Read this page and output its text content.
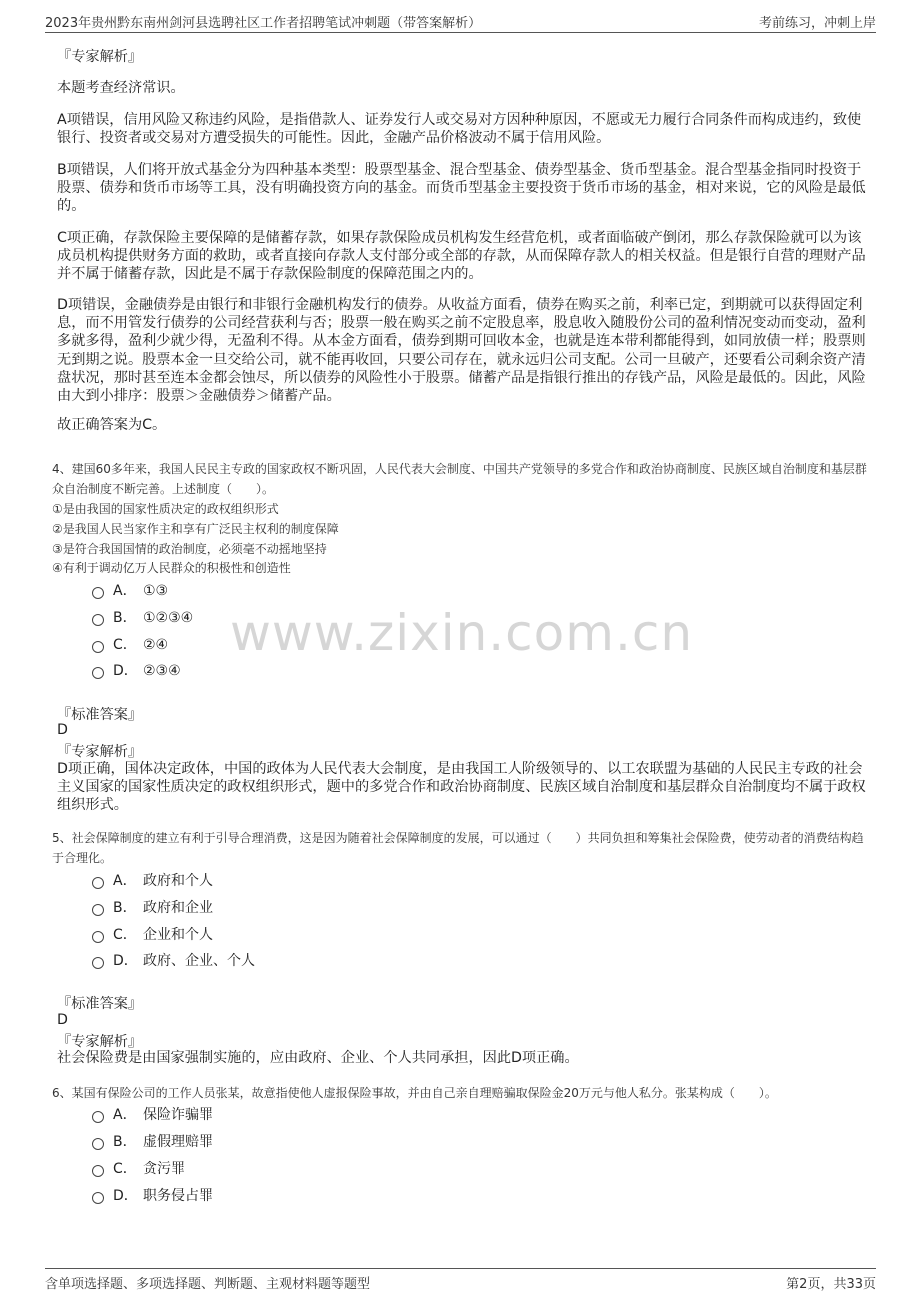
2023年贵州黔东南州剑河县选聘社区工作者招聘笔试冲刺题（带答案解析）	考前练习，冲刺上岸
www.zixin.com.cn
『专家解析』
本题考查经济常识。
A项错误，信用风险又称违约风险，是指借款人、证券发行人或交易对方因种种原因，不愿或无力履行合同条件而构成违约，致使银行、投资者或交易对方遭受损失的可能性。因此，金融产品价格波动不属于信用风险。
B项错误，人们将开放式基金分为四种基本类型：股票型基金、混合型基金、债券型基金、货币型基金。混合型基金指同时投资于股票、债券和货币市场等工具，没有明确投资方向的基金。而货币型基金主要投资于货币市场的基金，相对来说，它的风险是最低的。
C项正确，存款保险主要保障的是储蓄存款，如果存款保险成员机构发生经营危机，或者面临破产倒闭，那么存款保险就可以为该成员机构提供财务方面的救助，或者直接向存款人支付部分或全部的存款，从而保障存款人的相关权益。但是银行自营的理财产品并不属于储蓄存款，因此是不属于存款保险制度的保障范围之内的。
D项错误，金融债券是由银行和非银行金融机构发行的债券。从收益方面看，债券在购买之前，利率已定，到期就可以获得固定利息，而不用管发行债券的公司经营获利与否；股票一般在购买之前不定股息率，股息收入随股份公司的盈利情况变动而变动，盈利多就多得，盈利少就少得，无盈利不得。从本金方面看，债券到期可回收本金，也就是连本带利都能得到，如同放债一样；股票则无到期之说。股票本金一旦交给公司，就不能再收回，只要公司存在，就永远归公司支配。公司一旦破产，还要看公司剩余资产清盘状况，那时甚至连本金都会蚀尽，所以债券的风险性小于股票。储蓄产品是指银行推出的存钱产品，风险是最低的。因此，风险由大到小排序：股票＞金融债券＞储蓄产品。
故正确答案为C。
4、建国60多年来，我国人民民主专政的国家政权不断巩固，人民代表大会制度、中国共产党领导的多党合作和政治协商制度、民族区域自治制度和基层群众自治制度不断完善。上述制度（　　）。
①是由我国的国家性质决定的政权组织形式
②是我国人民当家作主和享有广泛民主权利的制度保障
③是符合我国国情的政治制度，必须毫不动摇地坚持
④有利于调动亿万人民群众的积极性和创造性
A． ①③
B． ①②③④
C． ②④
D． ②③④
『标准答案』
D
『专家解析』
D项正确，国体决定政体，中国的政体为人民代表大会制度，是由我国工人阶级领导的、以工农联盟为基础的人民民主专政的社会主义国家的国家性质决定的政权组织形式，题中的多党合作和政治协商制度、民族区域自治制度和基层群众自治制度均不属于政权组织形式。
5、社会保障制度的建立有利于引导合理消费，这是因为随着社会保障制度的发展，可以通过（　　）共同负担和筹集社会保险费，使劳动者的消费结构趋于合理化。
A． 政府和个人
B． 政府和企业
C． 企业和个人
D． 政府、企业、个人
『标准答案』
D
『专家解析』
社会保险费是由国家强制实施的，应由政府、企业、个人共同承担，因此D项正确。
6、某国有保险公司的工作人员张某，故意指使他人虚报保险事故，并由自己亲自理赔骗取保险金20万元与他人私分。张某构成（　　）。
A． 保险诈骗罪
B． 虚假理赔罪
C． 贪污罪
D． 职务侵占罪
含单项选择题、多项选择题、判断题、主观材料题等题型	第2页，共33页
